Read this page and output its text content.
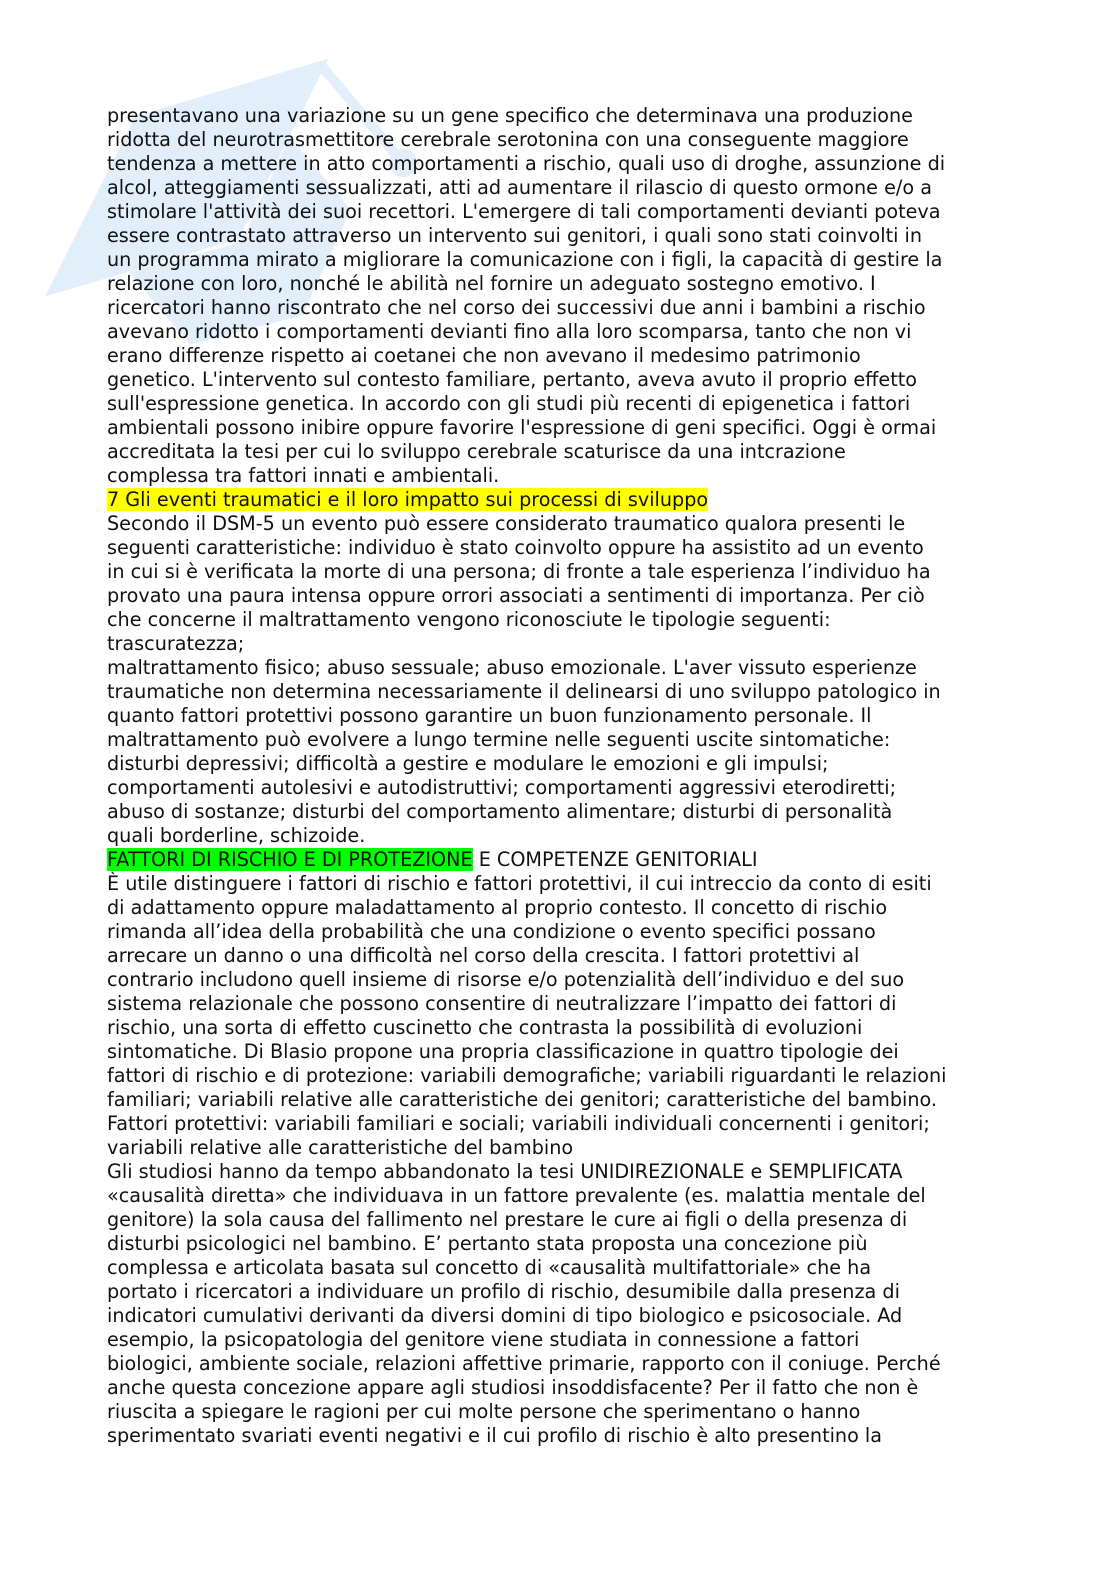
presentavano una variazione su un gene specifico che determinava una produzione
ridotta del neurotrasmettitore cerebrale serotonina con una conseguente maggiore
tendenza a mettere in atto comportamenti a rischio, quali uso di droghe, assunzione di
alcol, atteggiamenti sessualizzati, atti ad aumentare il rilascio di questo ormone e/o a
stimolare l'attività dei suoi recettori. L'emergere di tali comportamenti devianti poteva
essere contrastato attraverso un intervento sui genitori, i quali sono stati coinvolti in
un programma mirato a migliorare la comunicazione con i figli, la capacità di gestire la
relazione con loro, nonché le abilità nel fornire un adeguato sostegno emotivo. I
ricercatori hanno riscontrato che nel corso dei successivi due anni i bambini a rischio
avevano ridotto i comportamenti devianti fino alla loro scomparsa, tanto che non vi
erano differenze rispetto ai coetanei che non avevano il medesimo patrimonio
genetico. L'intervento sul contesto familiare, pertanto, aveva avuto il proprio effetto
sull'espressione genetica. In accordo con gli studi più recenti di epigenetica i fattori
ambientali possono inibire oppure favorire l'espressione di geni specifici. Oggi è ormai
accreditata la tesi per cui lo sviluppo cerebrale scaturisce da una intcrazione
complessa tra fattori innati e ambientali.
7 Gli eventi traumatici e il loro impatto sui processi di sviluppo
Secondo il DSM-5 un evento può essere considerato traumatico qualora presenti le
seguenti caratteristiche: individuo è stato coinvolto oppure ha assistito ad un evento
in cui si è verificata la morte di una persona; di fronte a tale esperienza l’individuo ha
provato una paura intensa oppure orrori associati a sentimenti di importanza. Per ciò
che concerne il maltrattamento vengono riconosciute le tipologie seguenti:
trascuratezza;
maltrattamento fisico; abuso sessuale; abuso emozionale. L'aver vissuto esperienze
traumatiche non determina necessariamente il delinearsi di uno sviluppo patologico in
quanto fattori protettivi possono garantire un buon funzionamento personale. Il
maltrattamento può evolvere a lungo termine nelle seguenti uscite sintomatiche:
disturbi depressivi; difficoltà a gestire e modulare le emozioni e gli impulsi;
comportamenti autolesivi e autodistruttivi; comportamenti aggressivi eterodiretti;
abuso di sostanze; disturbi del comportamento alimentare; disturbi di personalità
quali borderline, schizoide.
FATTORI DI RISCHIO E DI PROTEZIONE E COMPETENZE GENITORIALI
È utile distinguere i fattori di rischio e fattori protettivi, il cui intreccio da conto di esiti
di adattamento oppure maladattamento al proprio contesto. Il concetto di rischio
rimanda all’idea della probabilità che una condizione o evento specifici possano
arrecare un danno o una difficoltà nel corso della crescita. I fattori protettivi al
contrario includono quell insieme di risorse e/o potenzialità dell’individuo e del suo
sistema relazionale che possono consentire di neutralizzare l’impatto dei fattori di
rischio, una sorta di effetto cuscinetto che contrasta la possibilità di evoluzioni
sintomatiche. Di Blasio propone una propria classificazione in quattro tipologie dei
fattori di rischio e di protezione: variabili demografiche; variabili riguardanti le relazioni
familiari; variabili relative alle caratteristiche dei genitori; caratteristiche del bambino.
Fattori protettivi: variabili familiari e sociali; variabili individuali concernenti i genitori;
variabili relative alle caratteristiche del bambino
Gli studiosi hanno da tempo abbandonato la tesi UNIDIREZIONALE e SEMPLIFICATA
«causalità diretta» che individuava in un fattore prevalente (es. malattia mentale del
genitore) la sola causa del fallimento nel prestare le cure ai figli o della presenza di
disturbi psicologici nel bambino. E’ pertanto stata proposta una concezione più
complessa e articolata basata sul concetto di «causalità multifattoriale» che ha
portato i ricercatori a individuare un profilo di rischio, desumibile dalla presenza di
indicatori cumulativi derivanti da diversi domini di tipo biologico e psicosociale. Ad
esempio, la psicopatologia del genitore viene studiata in connessione a fattori
biologici, ambiente sociale, relazioni affettive primarie, rapporto con il coniuge. Perché
anche questa concezione appare agli studiosi insoddisfacente? Per il fatto che non è
riuscita a spiegare le ragioni per cui molte persone che sperimentano o hanno
sperimentato svariati eventi negativi e il cui profilo di rischio è alto presentino la
